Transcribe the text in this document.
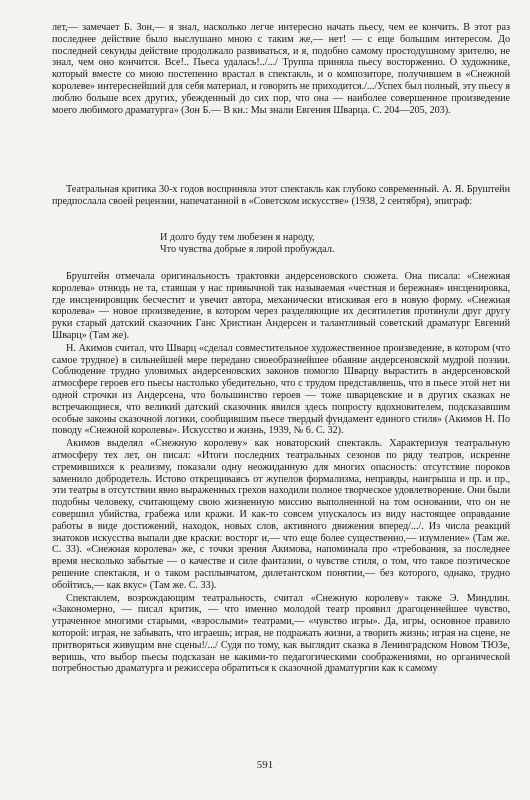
лет,— замечает Б. Зон,— я знал, насколько легче интересно начать пьесу, чем ее кончить. В этот раз последнее действие было выслушано мною с таким же,— нет! — с еще большим интересом. До последней секунды действие продолжало развиваться, и я, подобно самому простодушному зрителю, не знал, чем оно кончится. Все!.. Пьеса удалась!../.../ Труппа приняла пьесу восторженно. О художнике, который вместе со мною постепенно врастал в спектакль, и о композиторе, получившем в «Снежной королеве» интереснейший для себя материал, и говорить не приходится./.../Успех был полный, эту пьесу я люблю больше всех других, убежденный до сих пор, что она — наиболее совершенное произведение моего любимого драматурга» (Зон Б.— В кн.: Мы знали Евгения Шварца. С. 204—205, 203).

Театральная критика 30-х годов восприняла этот спектакль как глубоко современный. А. Я. Бруштейн предпослала своей рецензии, напечатанной в «Советском искусстве» (1938, 2 сентября), эпиграф:

И долго буду тем любезен я народу,
Что чувства добрые я лирой пробуждал.

Бруштейн отмечала оригинальность трактовки андерсеновского сюжета. Она писала: «Снежная королева» отнюдь не та, ставшая у нас привычной так называемая «честная и бережная» инсценировка, где инсценировщик бесчестит и увечит автора, механически втискивая его в новую форму. «Снежная королева» — новое произведение, в котором через разделяющие их десятилетия протянули друг другу руки старый датский сказочник Ганс Христиан Андерсен и талантливый советский драматург Евгений Шварц» (Там же).

Н. Акимов считал, что Шварц «сделал совместительное художественное произведение, в котором (что самое трудное) в сильнейшей мере передано своеобразнейшее обаяние андерсеновской мудрой поэзии. Соблюдение трудно уловимых андерсеновских законов помогло Шварцу вырастить в андерсеновской атмосфере героев его пьесы настолько убедительно, что с трудом представляешь, что в пьесе этой нет ни одной строчки из Андерсена, что большинство героев — тоже шварцевские и в других сказках не встречающиеся, что великий датский сказочник явился здесь попросту вдохновителем, подсказавшим особые законы сказочной логики, сообщившим пьесе твердый фундамент единого стиля» (Акимов Н. По поводу «Снежной королевы». Искусство и жизнь, 1939, № 6. С. 32).

Акимов выделял «Снежную королеву» как новаторский спектакль. Характеризуя театральную атмосферу тех лет, он писал: «Итоги последних театральных сезонов по ряду театров, искренне стремившихся к реализму, показали одну неожиданную для многих опасность: отсутствие пороков заменило добродетель. Истово открещиваясь от жупелов формализма, неправды, наигрыша и пр. и пр., эти театры в отсутствии явно выраженных грехов находили полное творческое удовлетворение. Они были подобны человеку, считающему свою жизненную миссию выполненной на том основании, что он не совершил убийства, грабежа или кражи. И как-то совсем упускалось из виду настоящее оправдание работы в виде достижений, находок, новых слов, активного движения вперед/.../. Из числа реакций знатоков искусства выпали две краски: восторг и,— что еще более существенно,— изумление» (Там же. С. 33). «Снежная королева» же, с точки зрения Акимова, напоминала про «требования, за последнее время несколько забытые — о качестве и силе фантазии, о чувстве стиля, о том, что такое поэтическое решение спектакля, и о таком расплывчатом, дилетантском понятии,— без которого, однако, трудно обойтись,— как вкус» (Там же. С. 33).

Спектаклем, возрождающим театральность, считал «Снежную королеву» также Э. Миндлин. «Закономерно, — писал критик, — что именно молодой театр проявил драгоценнейшее чувство, утраченное многими старыми, «взрослыми» театрами,— «чувство игры». Да, игры, основное правило которой: играя, не забывать, что играешь; играя, не подражать жизни, а творить жизнь; играя на сцене, не притворяться живущим вне сцены!/.../ Судя по тому, как выглядит сказка в Ленинградском Новом ТЮЗе, веришь, что выбор пьесы подсказан не какими-то педагогическими соображениями, но органической потребностью драматурга и режиссера обратиться к сказочной драматургии как к самому

591
